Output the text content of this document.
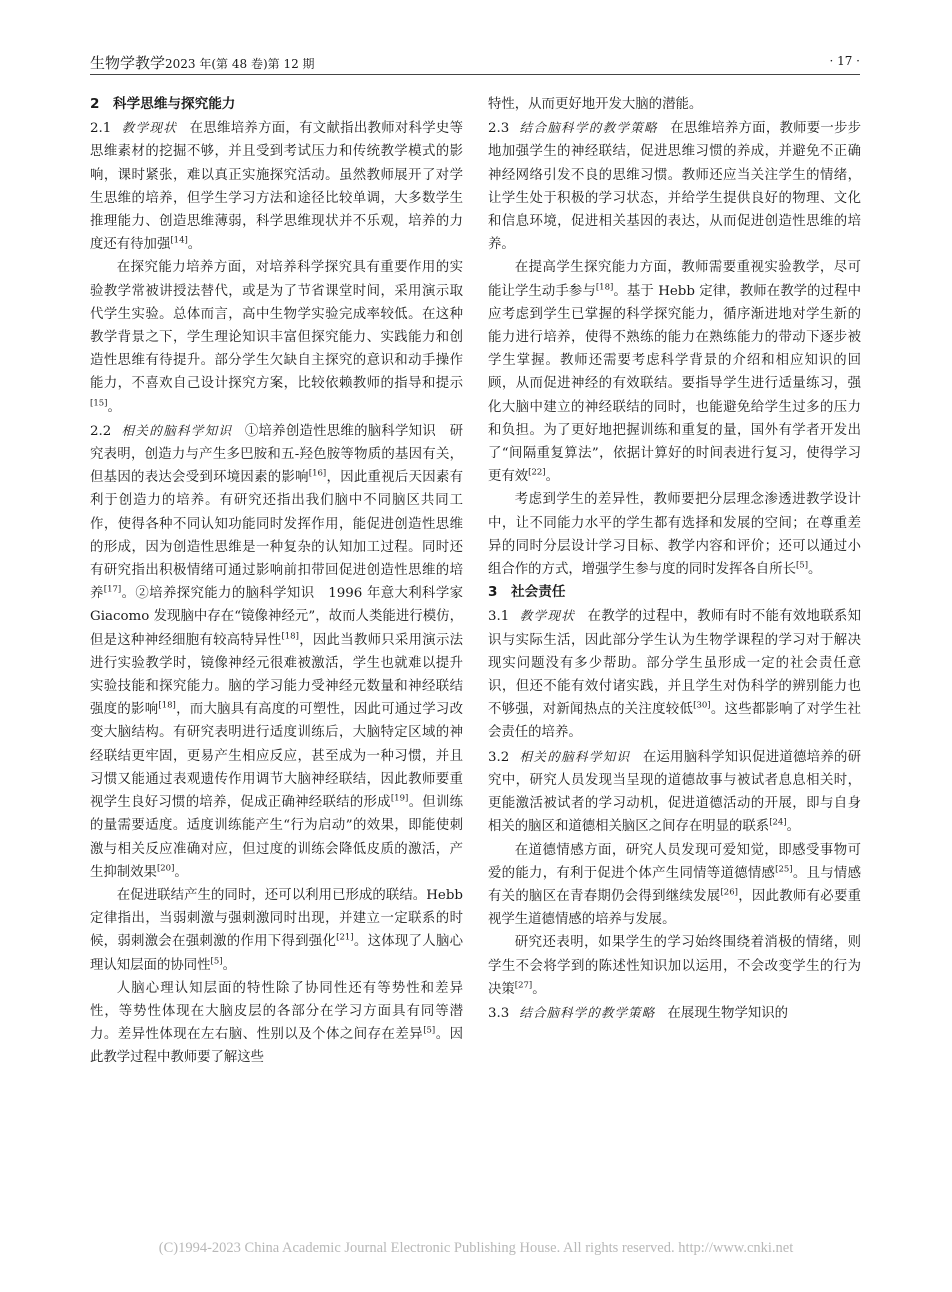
生物学教学2023 年(第 48 卷)第 12 期	· 17 ·
2　科学思维与探究能力

2.1 教学现状 在思维培养方面，有文献指出教师对科学史等思维素材的挖掘不够，并且受到考试压力和传统教学模式的影响，课时紧张，难以真正实施探究活动。虽然教师展开了对学生思维的培养，但学生学习方法和途径比较单调，大多数学生推理能力、创造思维薄弱，科学思维现状并不乐观，培养的力度还有待加强[14]。

在探究能力培养方面，对培养科学探究具有重要作用的实验教学常被讲授法替代，或是为了节省课堂时间，采用演示取代学生实验。总体而言，高中生物学实验完成率较低。在这种教学背景之下，学生理论知识丰富但探究能力、实践能力和创造性思维有待提升。部分学生欠缺自主探究的意识和动手操作能力，不喜欢自己设计探究方案，比较依赖教师的指导和提示[15]。

2.2 相关的脑科学知识 ①培养创造性思维的脑科学知识　研究表明，创造力与产生多巴胺和五-羟色胺等物质的基因有关，但基因的表达会受到环境因素的影响[16]，因此重视后天因素有利于创造力的培养。有研究还指出我们脑中不同脑区共同工作，使得各种不同认知功能同时发挥作用，能促进创造性思维的形成，因为创造性思维是一种复杂的认知加工过程。同时还有研究指出积极情绪可通过影响前扣带回促进创造性思维的培养[17]。②培养探究能力的脑科学知识　1996 年意大利科学家 Giacomo 发现脑中存在“镜像神经元”，故而人类能进行模仿，但是这种神经细胞有较高特异性[18]，因此当教师只采用演示法进行实验教学时，镜像神经元很难被激活，学生也就难以提升实验技能和探究能力。脑的学习能力受神经元数量和神经联结强度的影响[18]，而大脑具有高度的可塑性，因此可通过学习改变大脑结构。有研究表明进行适度训练后，大脑特定区域的神经联结更牢固，更易产生相应反应，甚至成为一种习惯，并且习惯又能通过表观遗传作用调节大脑神经联结，因此教师要重视学生良好习惯的培养，促成正确神经联结的形成[19]。但训练的量需要适度。适度训练能产生“行为启动”的效果，即能使刺激与相关反应准确对应，但过度的训练会降低皮质的激活，产生抑制效果[20]。

在促进联结产生的同时，还可以利用已形成的联结。Hebb 定律指出，当弱刺激与强刺激同时出现，并建立一定联系的时候，弱刺激会在强刺激的作用下得到强化[21]。这体现了人脑心理认知层面的协同性[5]。

人脑心理认知层面的特性除了协同性还有等势性和差异性，等势性体现在大脑皮层的各部分在学习方面具有同等潜力。差异性体现在左右脑、性别以及个体之间存在差异[5]。因此教学过程中教师要了解这些

特性，从而更好地开发大脑的潜能。

2.3 结合脑科学的教学策略 在思维培养方面，教师要一步步地加强学生的神经联结，促进思维习惯的养成，并避免不正确神经网络引发不良的思维习惯。教师还应当关注学生的情绪，让学生处于积极的学习状态，并给学生提供良好的物理、文化和信息环境，促进相关基因的表达，从而促进创造性思维的培养。

在提高学生探究能力方面，教师需要重视实验教学，尽可能让学生动手参与[18]。基于 Hebb 定律，教师在教学的过程中应考虑到学生已掌握的科学探究能力，循序渐进地对学生新的能力进行培养，使得不熟练的能力在熟练能力的带动下逐步被学生掌握。教师还需要考虑科学背景的介绍和相应知识的回顾，从而促进神经的有效联结。要指导学生进行适量练习，强化大脑中建立的神经联结的同时，也能避免给学生过多的压力和负担。为了更好地把握训练和重复的量，国外有学者开发出了“间隔重复算法”，依据计算好的时间表进行复习，使得学习更有效[22]。

考虑到学生的差异性，教师要把分层理念渗透进教学设计中，让不同能力水平的学生都有选择和发展的空间；在尊重差异的同时分层设计学习目标、教学内容和评价；还可以通过小组合作的方式，增强学生参与度的同时发挥各自所长[5]。

3　社会责任

3.1 教学现状 在教学的过程中，教师有时不能有效地联系知识与实际生活，因此部分学生认为生物学课程的学习对于解决现实问题没有多少帮助。部分学生虽形成一定的社会责任意识，但还不能有效付诸实践，并且学生对伪科学的辨别能力也不够强，对新闻热点的关注度较低[30]。这些都影响了对学生社会责任的培养。

3.2 相关的脑科学知识 在运用脑科学知识促进道德培养的研究中，研究人员发现当呈现的道德故事与被试者息息相关时，更能激活被试者的学习动机，促进道德活动的开展，即与自身相关的脑区和道德相关脑区之间存在明显的联系[24]。

在道德情感方面，研究人员发现可爱知觉，即感受事物可爱的能力，有利于促进个体产生同情等道德情感[25]。且与情感有关的脑区在青春期仍会得到继续发展[26]，因此教师有必要重视学生道德情感的培养与发展。

研究还表明，如果学生的学习始终围绕着消极的情绪，则学生不会将学到的陈述性知识加以运用，不会改变学生的行为决策[27]。

3.3 结合脑科学的教学策略 在展现生物学知识的

(C)1994-2023 China Academic Journal Electronic Publishing House. All rights reserved. http://www.cnki.net
